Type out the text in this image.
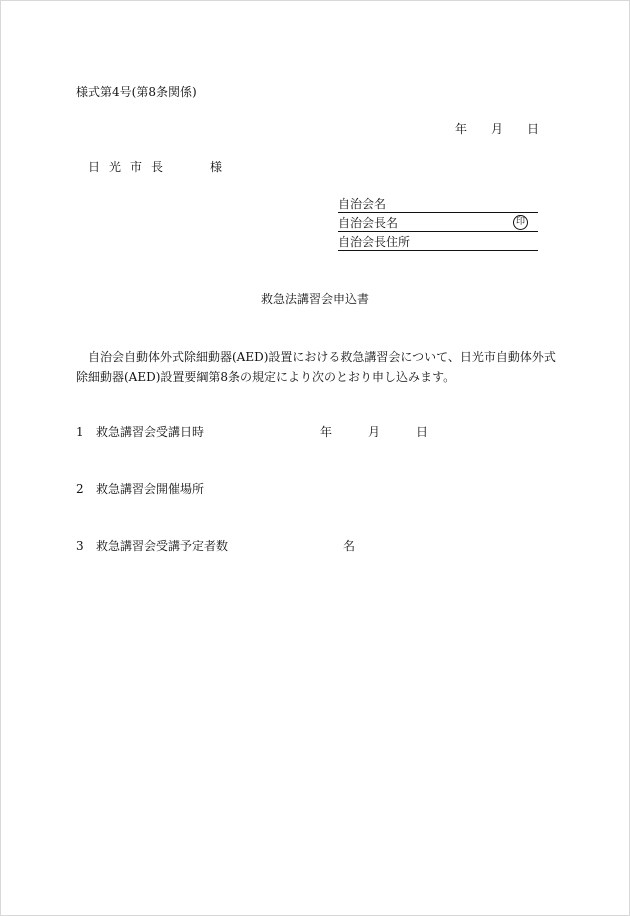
様式第4号(第8条関係)
年 月 日
日光市長	様
自治会名
自治会長名	印
自治会長住所
救急法講習会申込書
自治会自動体外式除細動器(AED)設置における救急講習会について、日光市自動体外式除細動器(AED)設置要綱第8条の規定により次のとおり申し込みます。
1 救急講習会受講日時	年	月	日
2 救急講習会開催場所
3 救急講習会受講予定者数	名
